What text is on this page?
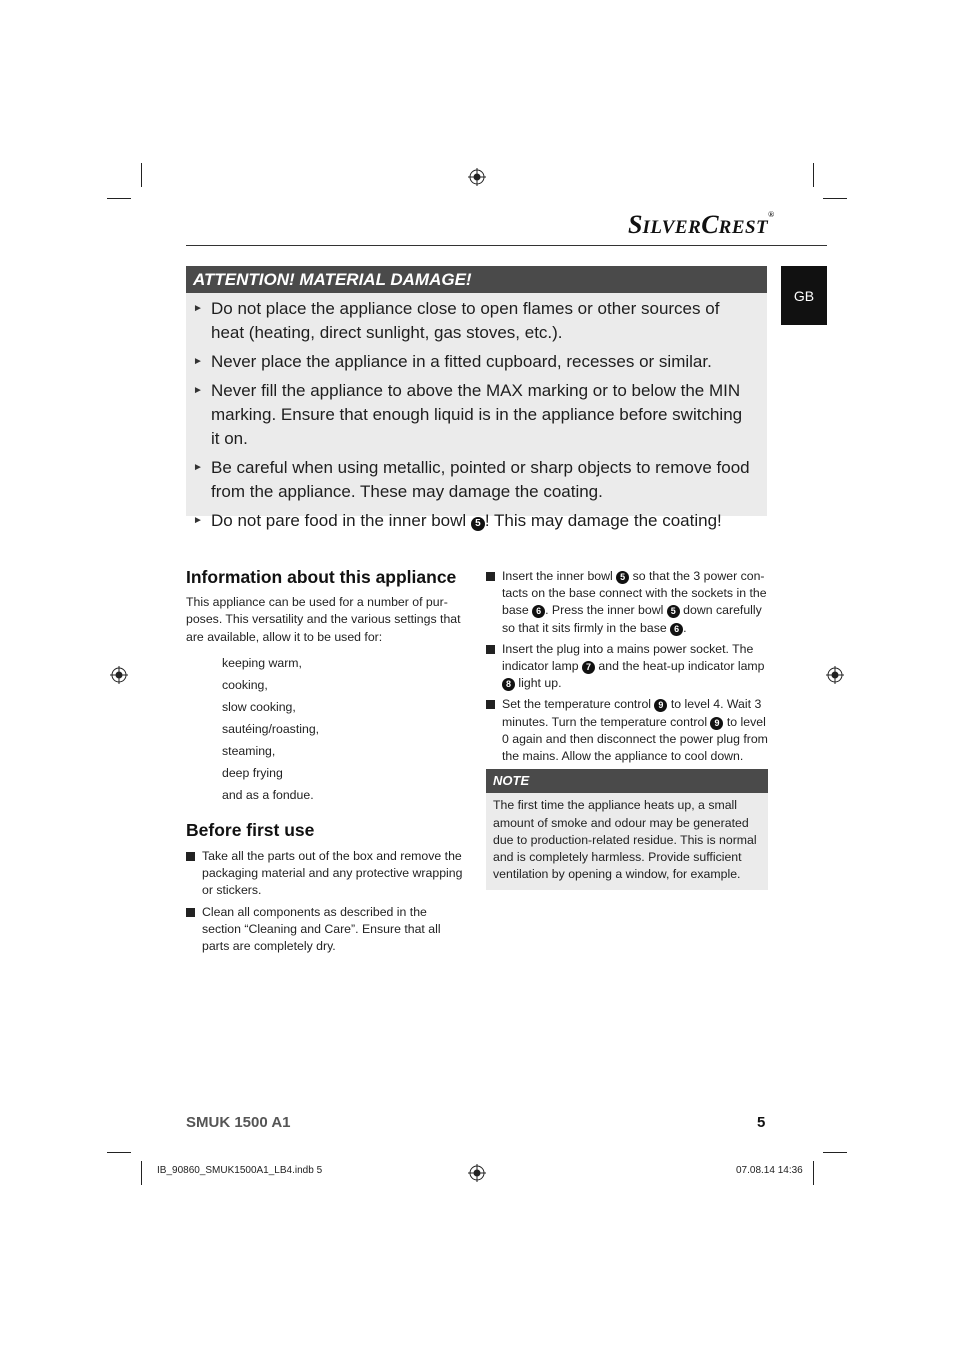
SILVERCREST®
GB
ATTENTION! MATERIAL DAMAGE!
► Do not place the appliance close to open flames or other sources of heat (heating, direct sunlight, gas stoves, etc.).
► Never place the appliance in a fitted cupboard, recesses or similar.
► Never fill the appliance to above the MAX marking or to below the MIN marking. Ensure that enough liquid is in the appliance before switching it on.
► Be careful when using metallic, pointed or sharp objects to remove food from the appliance. These may damage the coating.
► Do not pare food in the inner bowl 5 ! This may damage the coating!
Information about this appliance

This appliance can be used for a number of pur-poses. This versatility and the various settings that are available, allow it to be used for:

keeping warm,
cooking,
slow cooking,
sautéing/roasting,
steaming,
deep frying
and as a fondue.
Before first use
Take all the parts out of the box and remove the packaging material and any protective wrapping or stickers.
Clean all components as described in the section “Cleaning and Care”. Ensure that all parts are completely dry.
Insert the inner bowl 5 so that the 3 power con-tacts on the base connect with the sockets in the base 6 . Press the inner bowl 5 down carefully so that it sits firmly in the base 6 .
Insert the plug into a mains power socket. The indicator lamp 7 and the heat-up indicator lamp 8 light up.
Set the temperature control 9 to level 4. Wait 3 minutes. Turn the temperature control 9 to level 0 again and then disconnect the power plug from the mains. Allow the appliance to cool down.
NOTE
The first time the appliance heats up, a small amount of smoke and odour may be generated due to production-related residue. This is normal and is completely harmless. Provide sufficient ventilation by opening a window, for example.
SMUK 1500 A1	5
IB_90860_SMUK1500A1_LB4.indb 5	07.08.14 14:36
